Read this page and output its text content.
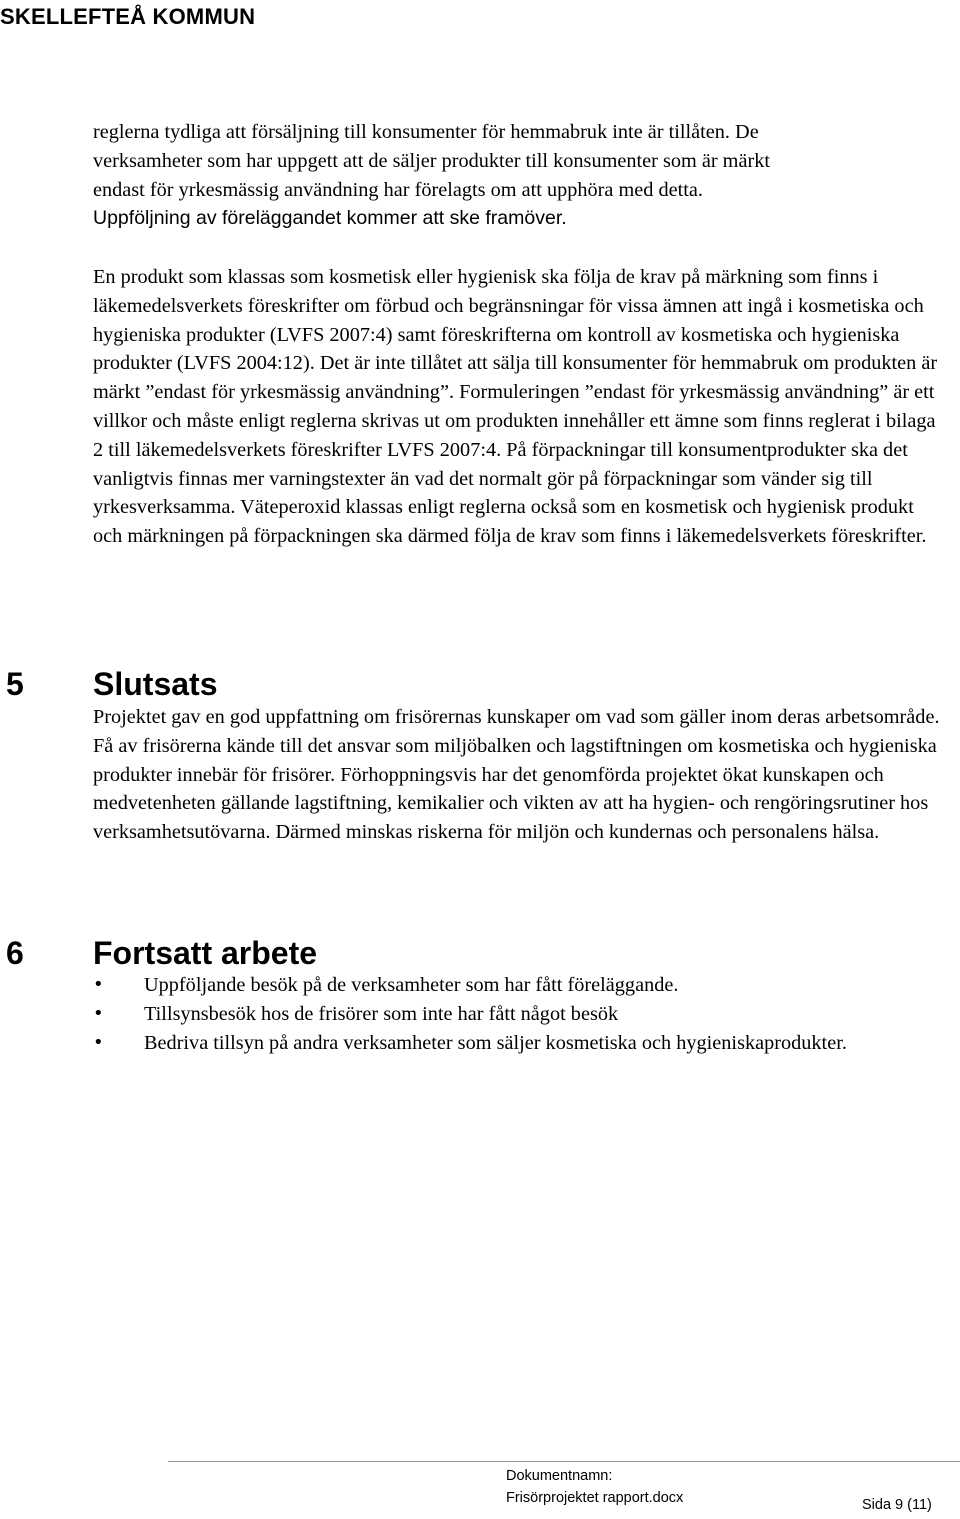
SKELLEFTEÅ KOMMUN
reglerna tydliga att försäljning till konsumenter för hemmabruk inte är tillåten. De
verksamheter som har uppgett att de säljer produkter till konsumenter som är märkt
endast för yrkesmässig användning har förelagts om att upphöra med detta.
Uppföljning av föreläggandet kommer att ske framöver.

En produkt som klassas som kosmetisk eller hygienisk ska följa de krav på märkning som finns i läkemedelsverkets föreskrifter om förbud och begränsningar för vissa ämnen att ingå i kosmetiska och hygieniska produkter (LVFS 2007:4) samt föreskrifterna om kontroll av kosmetiska och hygieniska produkter (LVFS 2004:12). Det är inte tillåtet att sälja till konsumenter för hemmabruk om produkten är märkt ”endast för yrkesmässig användning”. Formuleringen ”endast för yrkesmässig användning” är ett villkor och måste enligt reglerna skrivas ut om produkten innehåller ett ämne som finns reglerat i bilaga 2 till läkemedelsverkets föreskrifter LVFS 2007:4. På förpackningar till konsumentprodukter ska det vanligtvis finnas mer varningstexter än vad det normalt gör på förpackningar som vänder sig till yrkesverksamma. Väteperoxid klassas enligt reglerna också som en kosmetisk och hygienisk produkt och märkningen på förpackningen ska därmed följa de krav som finns i läkemedelsverkets föreskrifter.

5 Slutsats

Projektet gav en god uppfattning om frisörernas kunskaper om vad som gäller inom deras arbetsområde. Få av frisörerna kände till det ansvar som miljöbalken och lagstiftningen om kosmetiska och hygieniska produkter innebär för frisörer. Förhoppningsvis har det genomförda projektet ökat kunskapen och medvetenheten gällande lagstiftning, kemikalier och vikten av att ha hygien- och rengöringsrutiner hos verksamhetsutövarna. Därmed minskas riskerna för miljön och kundernas och personalens hälsa.

6 Fortsatt arbete
• Uppföljande besök på de verksamheter som har fått föreläggande.
• Tillsynsbesök hos de frisörer som inte har fått något besök
• Bedriva tillsyn på andra verksamheter som säljer kosmetiska och hygieniskaprodukter.
Dokumentnamn:
Frisörprojektet rapport.docx	Sida 9 (11)
